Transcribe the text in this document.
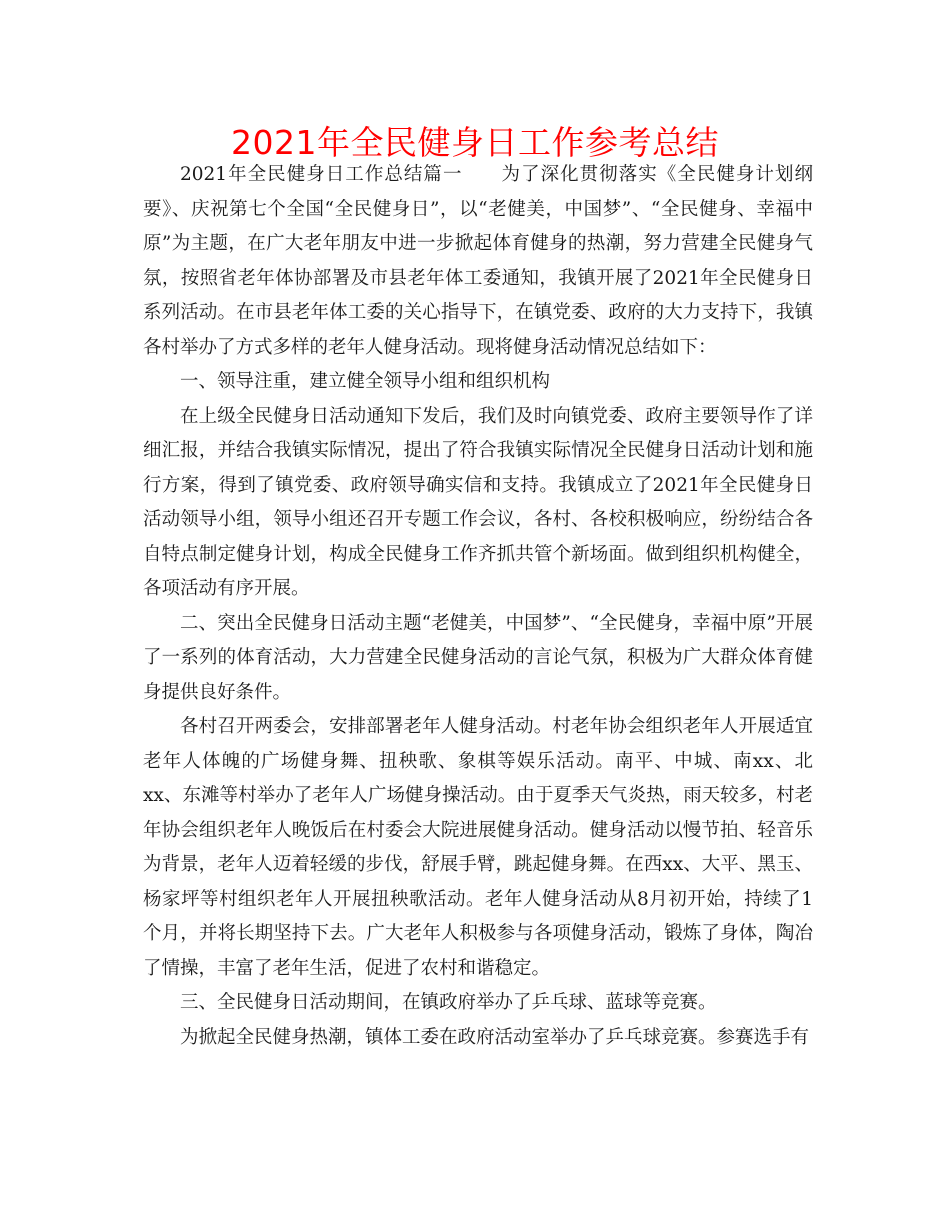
2021年全民健身日工作参考总结

2021年全民健身日工作总结篇一　　为了深化贯彻落实《全民健身计划纲要》、庆祝第七个全国“全民健身日”，以“老健美，中国梦”、“全民健身、幸福中原”为主题，在广大老年朋友中进一步掀起体育健身的热潮，努力营建全民健身气氛，按照省老年体协部署及市县老年体工委通知，我镇开展了2021年全民健身日系列活动。在市县老年体工委的关心指导下，在镇党委、政府的大力支持下，我镇各村举办了方式多样的老年人健身活动。现将健身活动情况总结如下：

一、领导注重，建立健全领导小组和组织机构

在上级全民健身日活动通知下发后，我们及时向镇党委、政府主要领导作了详细汇报，并结合我镇实际情况，提出了符合我镇实际情况全民健身日活动计划和施行方案，得到了镇党委、政府领导确实信和支持。我镇成立了2021年全民健身日活动领导小组，领导小组还召开专题工作会议，各村、各校积极响应，纷纷结合各自特点制定健身计划，构成全民健身工作齐抓共管个新场面。做到组织机构健全，各项活动有序开展。

二、突出全民健身日活动主题“老健美，中国梦”、“全民健身，幸福中原”开展了一系列的体育活动，大力营建全民健身活动的言论气氛，积极为广大群众体育健身提供良好条件。

各村召开两委会，安排部署老年人健身活动。村老年协会组织老年人开展适宜老年人体魄的广场健身舞、扭秧歌、象棋等娱乐活动。南平、中城、南xx、北xx、东滩等村举办了老年人广场健身操活动。由于夏季天气炎热，雨天较多，村老年协会组织老年人晚饭后在村委会大院进展健身活动。健身活动以慢节拍、轻音乐为背景，老年人迈着轻缓的步伐，舒展手臂，跳起健身舞。在西xx、大平、黑玉、杨家坪等村组织老年人开展扭秧歌活动。老年人健身活动从8月初开始，持续了1个月，并将长期坚持下去。广大老年人积极参与各项健身活动，锻炼了身体，陶冶了情操，丰富了老年生活，促进了农村和谐稳定。

三、全民健身日活动期间，在镇政府举办了乒乓球、蓝球等竞赛。

为掀起全民健身热潮，镇体工委在政府活动室举办了乒乓球竞赛。参赛选手有
